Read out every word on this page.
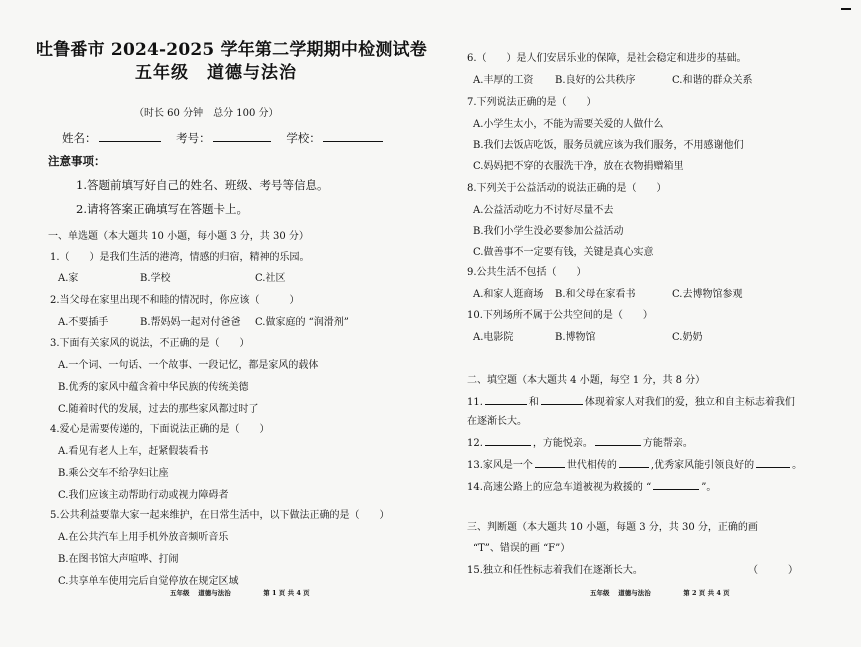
吐鲁番市 2024-2025 学年第二学期期中检测试卷
五年级　道德与法治
（时长 60 分钟　总分 100 分）
姓名：	考号：	学校：
注意事项：
1.答题前填写好自己的姓名、班级、考号等信息。
2.请将答案正确填写在答题卡上。
一、单选题（本大题共 10 小题，每小题 3 分，共 30 分）
1.（　　）是我们生活的港湾，情感的归宿，精神的乐园。
A.家	B.学校	C.社区
2.当父母在家里出现不和睦的情况时，你应该（　　　）
A.不要插手	B.帮妈妈一起对付爸爸 C.做家庭的 “润滑剂”
3.下面有关家风的说法，不正确的是（　　）
A.一个词、一句话、一个故事、一段记忆，都是家风的载体
B.优秀的家风中蕴含着中华民族的传统美德
C.随着时代的发展，过去的那些家风都过时了
4.爱心是需要传递的，下面说法正确的是（　　）
A.看见有老人上车，赶紧假装看书
B.乘公交车不给孕妇让座
C.我们应该主动帮助行动或视力障碍者
5.公共利益要靠大家一起来维护，在日常生活中，以下做法正确的是（　　）
A.在公共汽车上用手机外放音频听音乐
B.在图书馆大声喧哗、打闹
C.共享单车使用完后自觉停放在规定区域
五年级　 道德与法治　　　　　第 1 页 共 4 页
6.（　　）是人们安居乐业的保障，是社会稳定和进步的基础。
A.丰厚的工资 B.良好的公共秩序	C.和谐的群众关系
7.下列说法正确的是（　　）
A.小学生太小，不能为需要关爱的人做什么
B.我们去饭店吃饭，服务员就应该为我们服务，不用感谢他们
C.妈妈把不穿的衣服洗干净，放在衣物捐赠箱里
8.下列关于公益活动的说法正确的是（　　）
A.公益活动吃力不讨好尽量不去
B.我们小学生没必要参加公益活动
C.做善事不一定要有钱，关键是真心实意
9.公共生活不包括（　　）
A.和家人逛商场 B.和父母在家看书	C.去博物馆参观
10.下列场所不属于公共空间的是（　　）
A.电影院	B.博物馆	C.奶奶
二、填空题（本大题共 4 小题，每空 1 分，共 8 分）
11.	和	体现着家人对我们的爱，独立和自主标志着我们
在逐渐长大。
12.	，方能悦亲。	方能帮亲。
13.家风是一个	世代相传的	,优秀家风能引领良好的	。
14.高速公路上的应急车道被视为救援的 “	”。
三、判断题（本大题共 10 小题，每题 3 分，共 30 分，正确的画
“T”、错误的画 “F”）
15.独立和任性标志着我们在逐渐长大。	（　　　）
五年级　 道德与法治　　　　　第 2 页 共 4 页
